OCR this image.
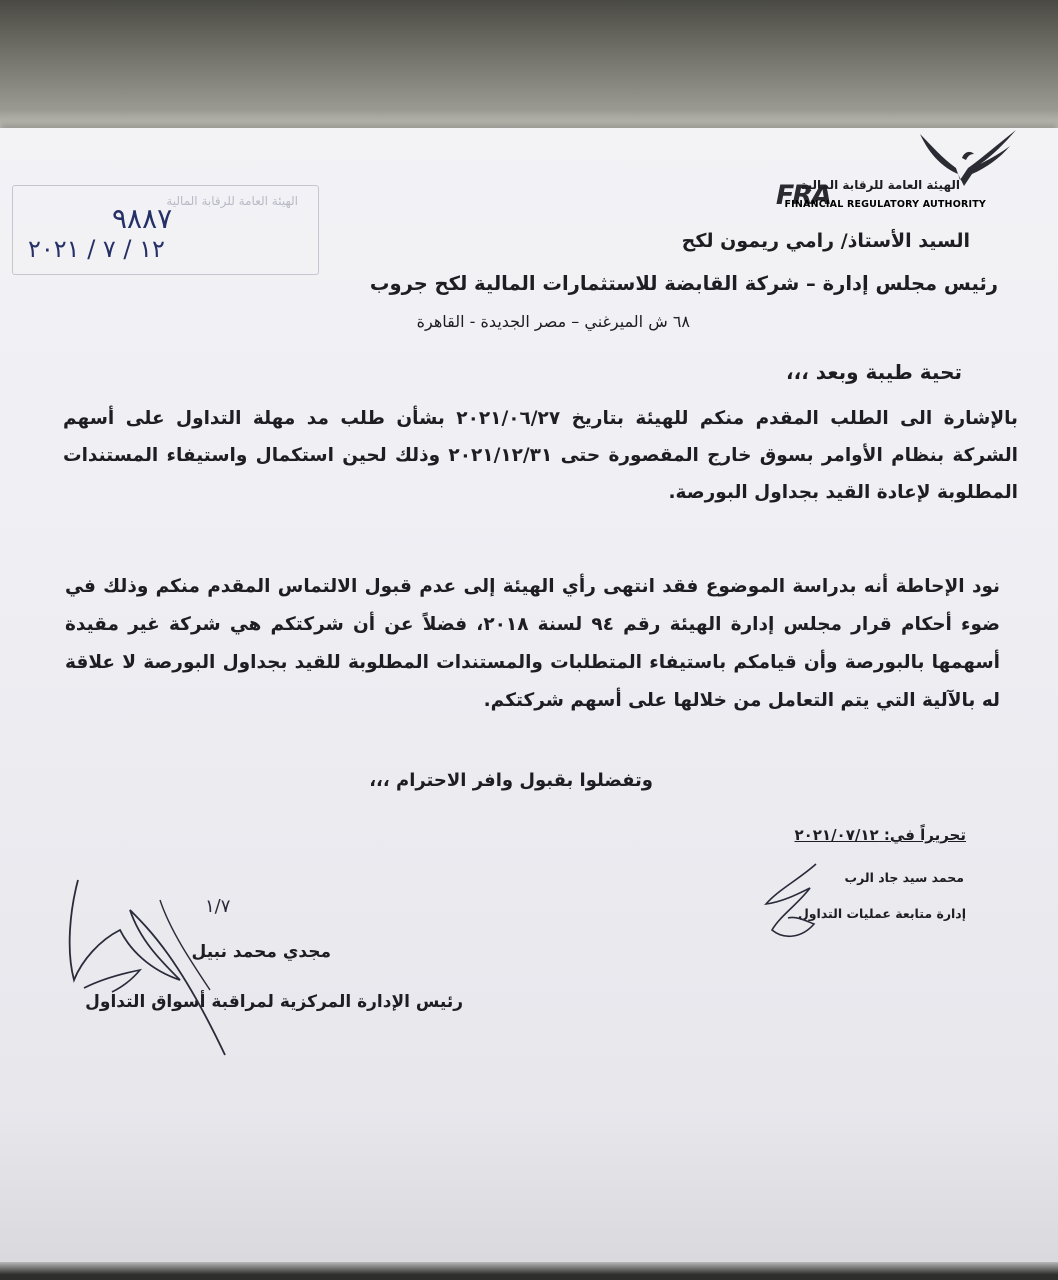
FRA
الهيئة العامة للرقابة المالية
FINANCIAL REGULATORY AUTHORITY
الهيئة العامة للرقابة المالية
٩٨٨٧
١٢ / ٧ / ٢٠٢١	السيد الأستاذ/ رامي ريمون لكح
رئيس مجلس إدارة – شركة القابضة للاستثمارات المالية لكح جروب
٦٨ ش الميرغني – مصر الجديدة - القاهرة
تحية طيبة وبعد ،،،
بالإشارة الى الطلب المقدم منكم للهيئة بتاريخ ٢٠٢١/٠٦/٢٧ بشأن طلب مد مهلة التداول على أسهم الشركة بنظام الأوامر بسوق خارج المقصورة حتى ٢٠٢١/١٢/٣١ وذلك لحين استكمال واستيفاء المستندات المطلوبة لإعادة القيد بجداول البورصة.
نود الإحاطة أنه بدراسة الموضوع فقد انتهى رأي الهيئة إلى عدم قبول الالتماس المقدم منكم وذلك في ضوء أحكام قرار مجلس إدارة الهيئة رقم ٩٤ لسنة ٢٠١٨، فضلاً عن أن شركتكم هي شركة غير مقيدة أسهمها بالبورصة وأن قيامكم باستيفاء المتطلبات والمستندات المطلوبة للقيد بجداول البورصة لا علاقة له بالآلية التي يتم التعامل من خلالها على أسهم شركتكم.
وتفضلوا بقبول وافر الاحترام ،،،
تحريراً في: ٢٠٢١/٠٧/١٢
محمد سيد جاد الرب
إدارة متابعة عمليات التداول
١/٧
مجدي محمد نبيل
رئيس الإدارة المركزية لمراقبة أسواق التداول
